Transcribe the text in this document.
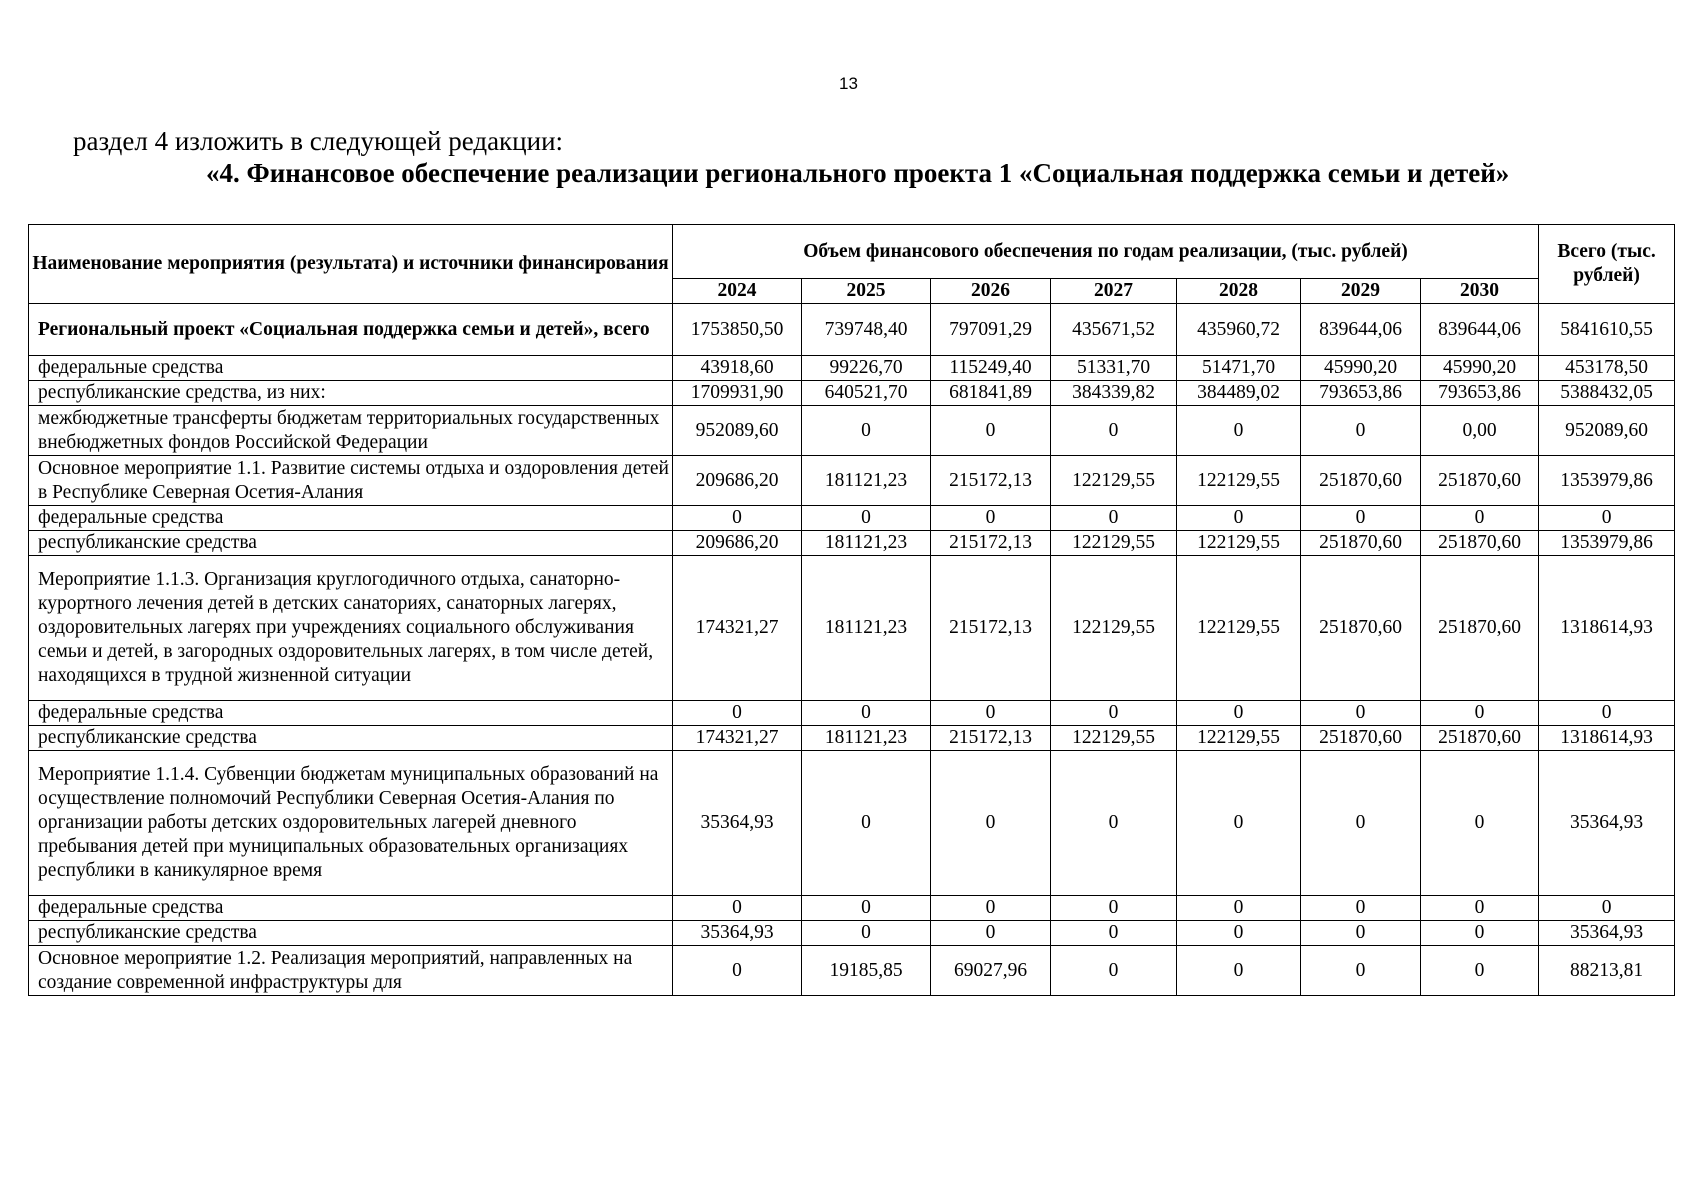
13
раздел 4 изложить в следующей редакции:
«4. Финансовое обеспечение реализации регионального проекта 1 «Социальная поддержка семьи и детей»
Наименование мероприятия (результата) и источники финансирования	Объем финансового обеспечения по годам реализации, (тыс. рублей)							Всего (тыс. рублей)
	2024	2025	2026	2027	2028	2029	2030	
Региональный проект «Социальная поддержка семьи и детей», всего	1753850,50	739748,40	797091,29	435671,52	435960,72	839644,06	839644,06	5841610,55
федеральные средства	43918,60	99226,70	115249,40	51331,70	51471,70	45990,20	45990,20	453178,50
республиканские средства, из них:	1709931,90	640521,70	681841,89	384339,82	384489,02	793653,86	793653,86	5388432,05
межбюджетные трансферты бюджетам территориальных государственных внебюджетных фондов Российской Федерации	952089,60	0	0	0	0	0	0,00	952089,60
Основное мероприятие 1.1. Развитие системы отдыха и оздоровления детей в Республике Северная Осетия-Алания	209686,20	181121,23	215172,13	122129,55	122129,55	251870,60	251870,60	1353979,86
федеральные средства	0	0	0	0	0	0	0	0
республиканские средства	209686,20	181121,23	215172,13	122129,55	122129,55	251870,60	251870,60	1353979,86
Мероприятие 1.1.3. Организация круглогодичного отдыха, санаторно-курортного лечения детей в детских санаториях, санаторных лагерях, оздоровительных лагерях при учреждениях социального обслуживания семьи и детей, в загородных оздоровительных лагерях, в том числе детей, находящихся в трудной жизненной ситуации	174321,27	181121,23	215172,13	122129,55	122129,55	251870,60	251870,60	1318614,93
федеральные средства	0	0	0	0	0	0	0	0
республиканские средства	174321,27	181121,23	215172,13	122129,55	122129,55	251870,60	251870,60	1318614,93
Мероприятие 1.1.4. Субвенции бюджетам муниципальных образований на осуществление полномочий Республики Северная Осетия-Алания по организации работы детских оздоровительных лагерей дневного пребывания детей при муниципальных образовательных организациях республики в каникулярное время	35364,93	0	0	0	0	0	0	35364,93
федеральные средства	0	0	0	0	0	0	0	0
республиканские средства	35364,93	0	0	0	0	0	0	35364,93
Основное мероприятие 1.2. Реализация мероприятий, направленных на создание современной инфраструктуры для	0	19185,85	69027,96	0	0	0	0	88213,81
